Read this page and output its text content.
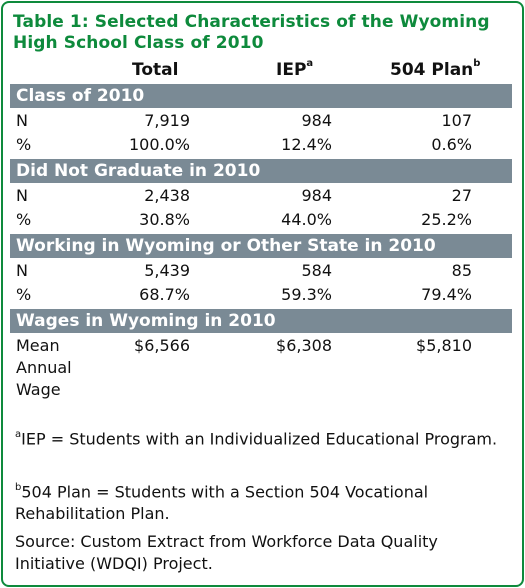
Table 1: Selected Characteristics of the Wyoming High School Class of 2010
Total	IEP$^a$	504 Plan$^b$
Class of 2010
N	7,919	984	107
%	100.0%	12.4%	0.6%
Did Not Graduate in 2010
N	2,438	984	27
%	30.8%	44.0%	25.2%
Working in Wyoming or Other State in 2010
N	5,439	584	85
%	68.7%	59.3%	79.4%
Wages in Wyoming in 2010
Mean
Annual
Wage
$6,566	$6,308	$5,810
$^a$IEP = Students with an Individualized Educational Program.
$^b$504 Plan = Students with a Section 504 Vocational Rehabilitation Plan.
Source: Custom Extract from Workforce Data Quality Initiative (WDQI) Project.
